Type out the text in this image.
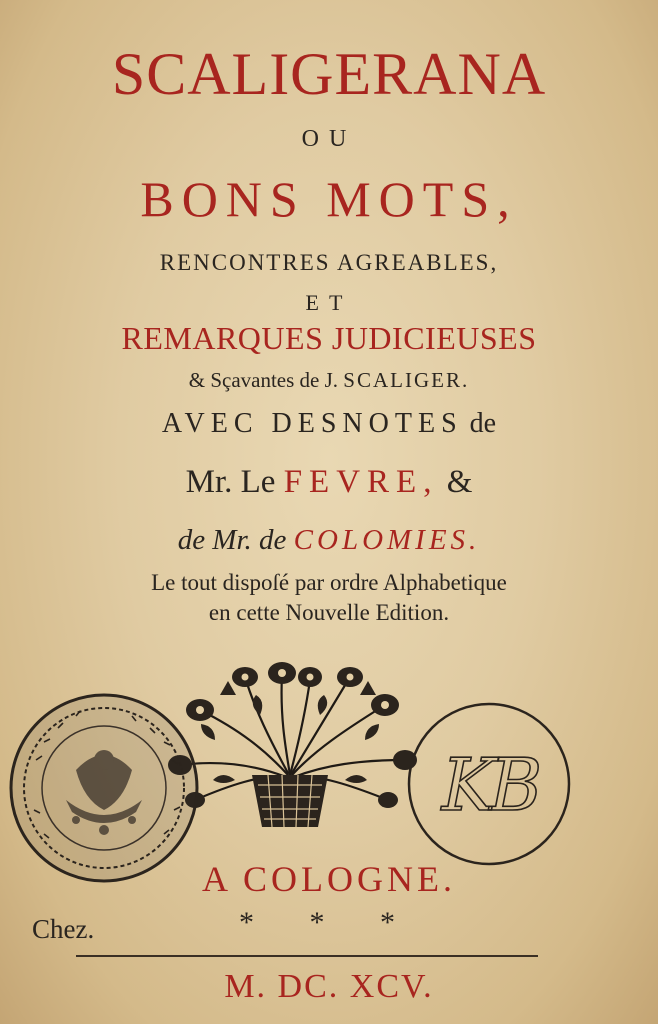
SCALIGERANA
OU
BONS MOTS,
RENCONTRES AGREABLES,
ET
REMARQUES JUDICIEUSES
& Sçavantes de J. SCALIGER.
AVEC DESNOTES de
Mr. Le FEVRE, &
de Mr. de COLOMIES.
Le tout dispoſé par ordre Alphabetique
en cette Nouvelle Edition.
KB
A COLOGNE.
Chez.	* * *
M. DC. XCV.
